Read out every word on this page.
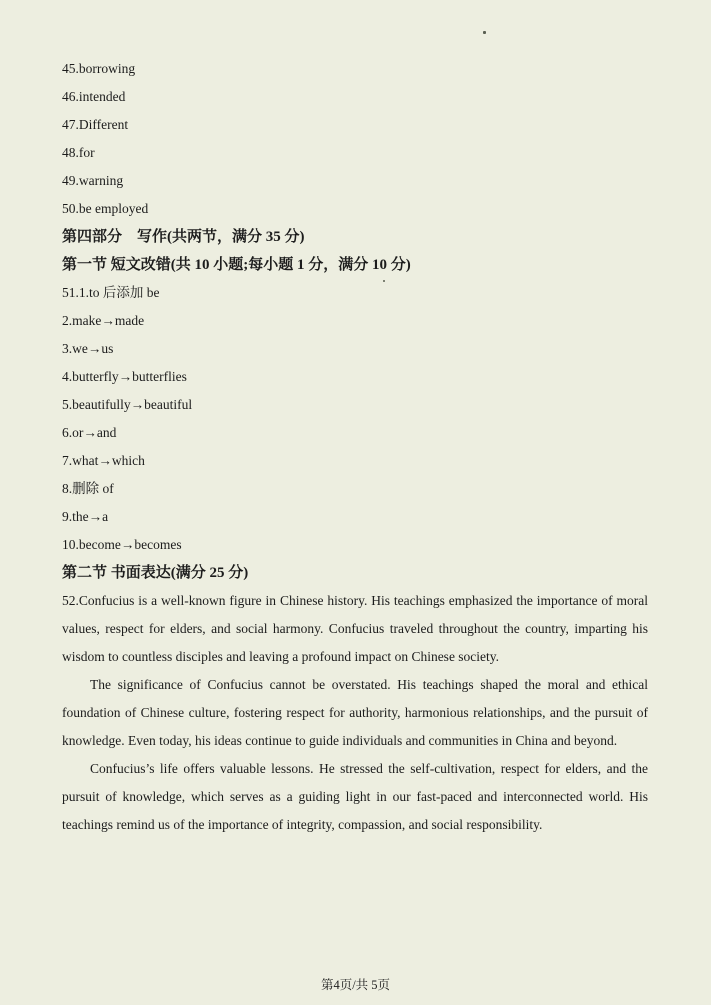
45.borrowing
46.intended
47.Different
48.for
49.warning
50.be employed
第四部分　写作(共两节，满分 35 分)
第一节 短文改错(共 10 小题;每小题 1 分，满分 10 分)
51.1.to 后添加 be
2.make→made
3.we→us
4.butterfly→butterflies
5.beautifully→beautiful
6.or→and
7.what→which
8.删除 of
9.the→a
10.become→becomes
第二节 书面表达(满分 25 分)

52.Confucius is a well-known figure in Chinese history. His teachings emphasized the importance of moral values, respect for elders, and social harmony. Confucius traveled throughout the country, imparting his wisdom to countless disciples and leaving a profound impact on Chinese society.

The significance of Confucius cannot be overstated. His teachings shaped the moral and ethical foundation of Chinese culture, fostering respect for authority, harmonious relationships, and the pursuit of knowledge. Even today, his ideas continue to guide individuals and communities in China and beyond.

Confucius’s life offers valuable lessons. He stressed the self-cultivation, respect for elders, and the pursuit of knowledge, which serves as a guiding light in our fast-paced and interconnected world. His teachings remind us of the importance of integrity, compassion, and social responsibility.

第4页/共 5页
